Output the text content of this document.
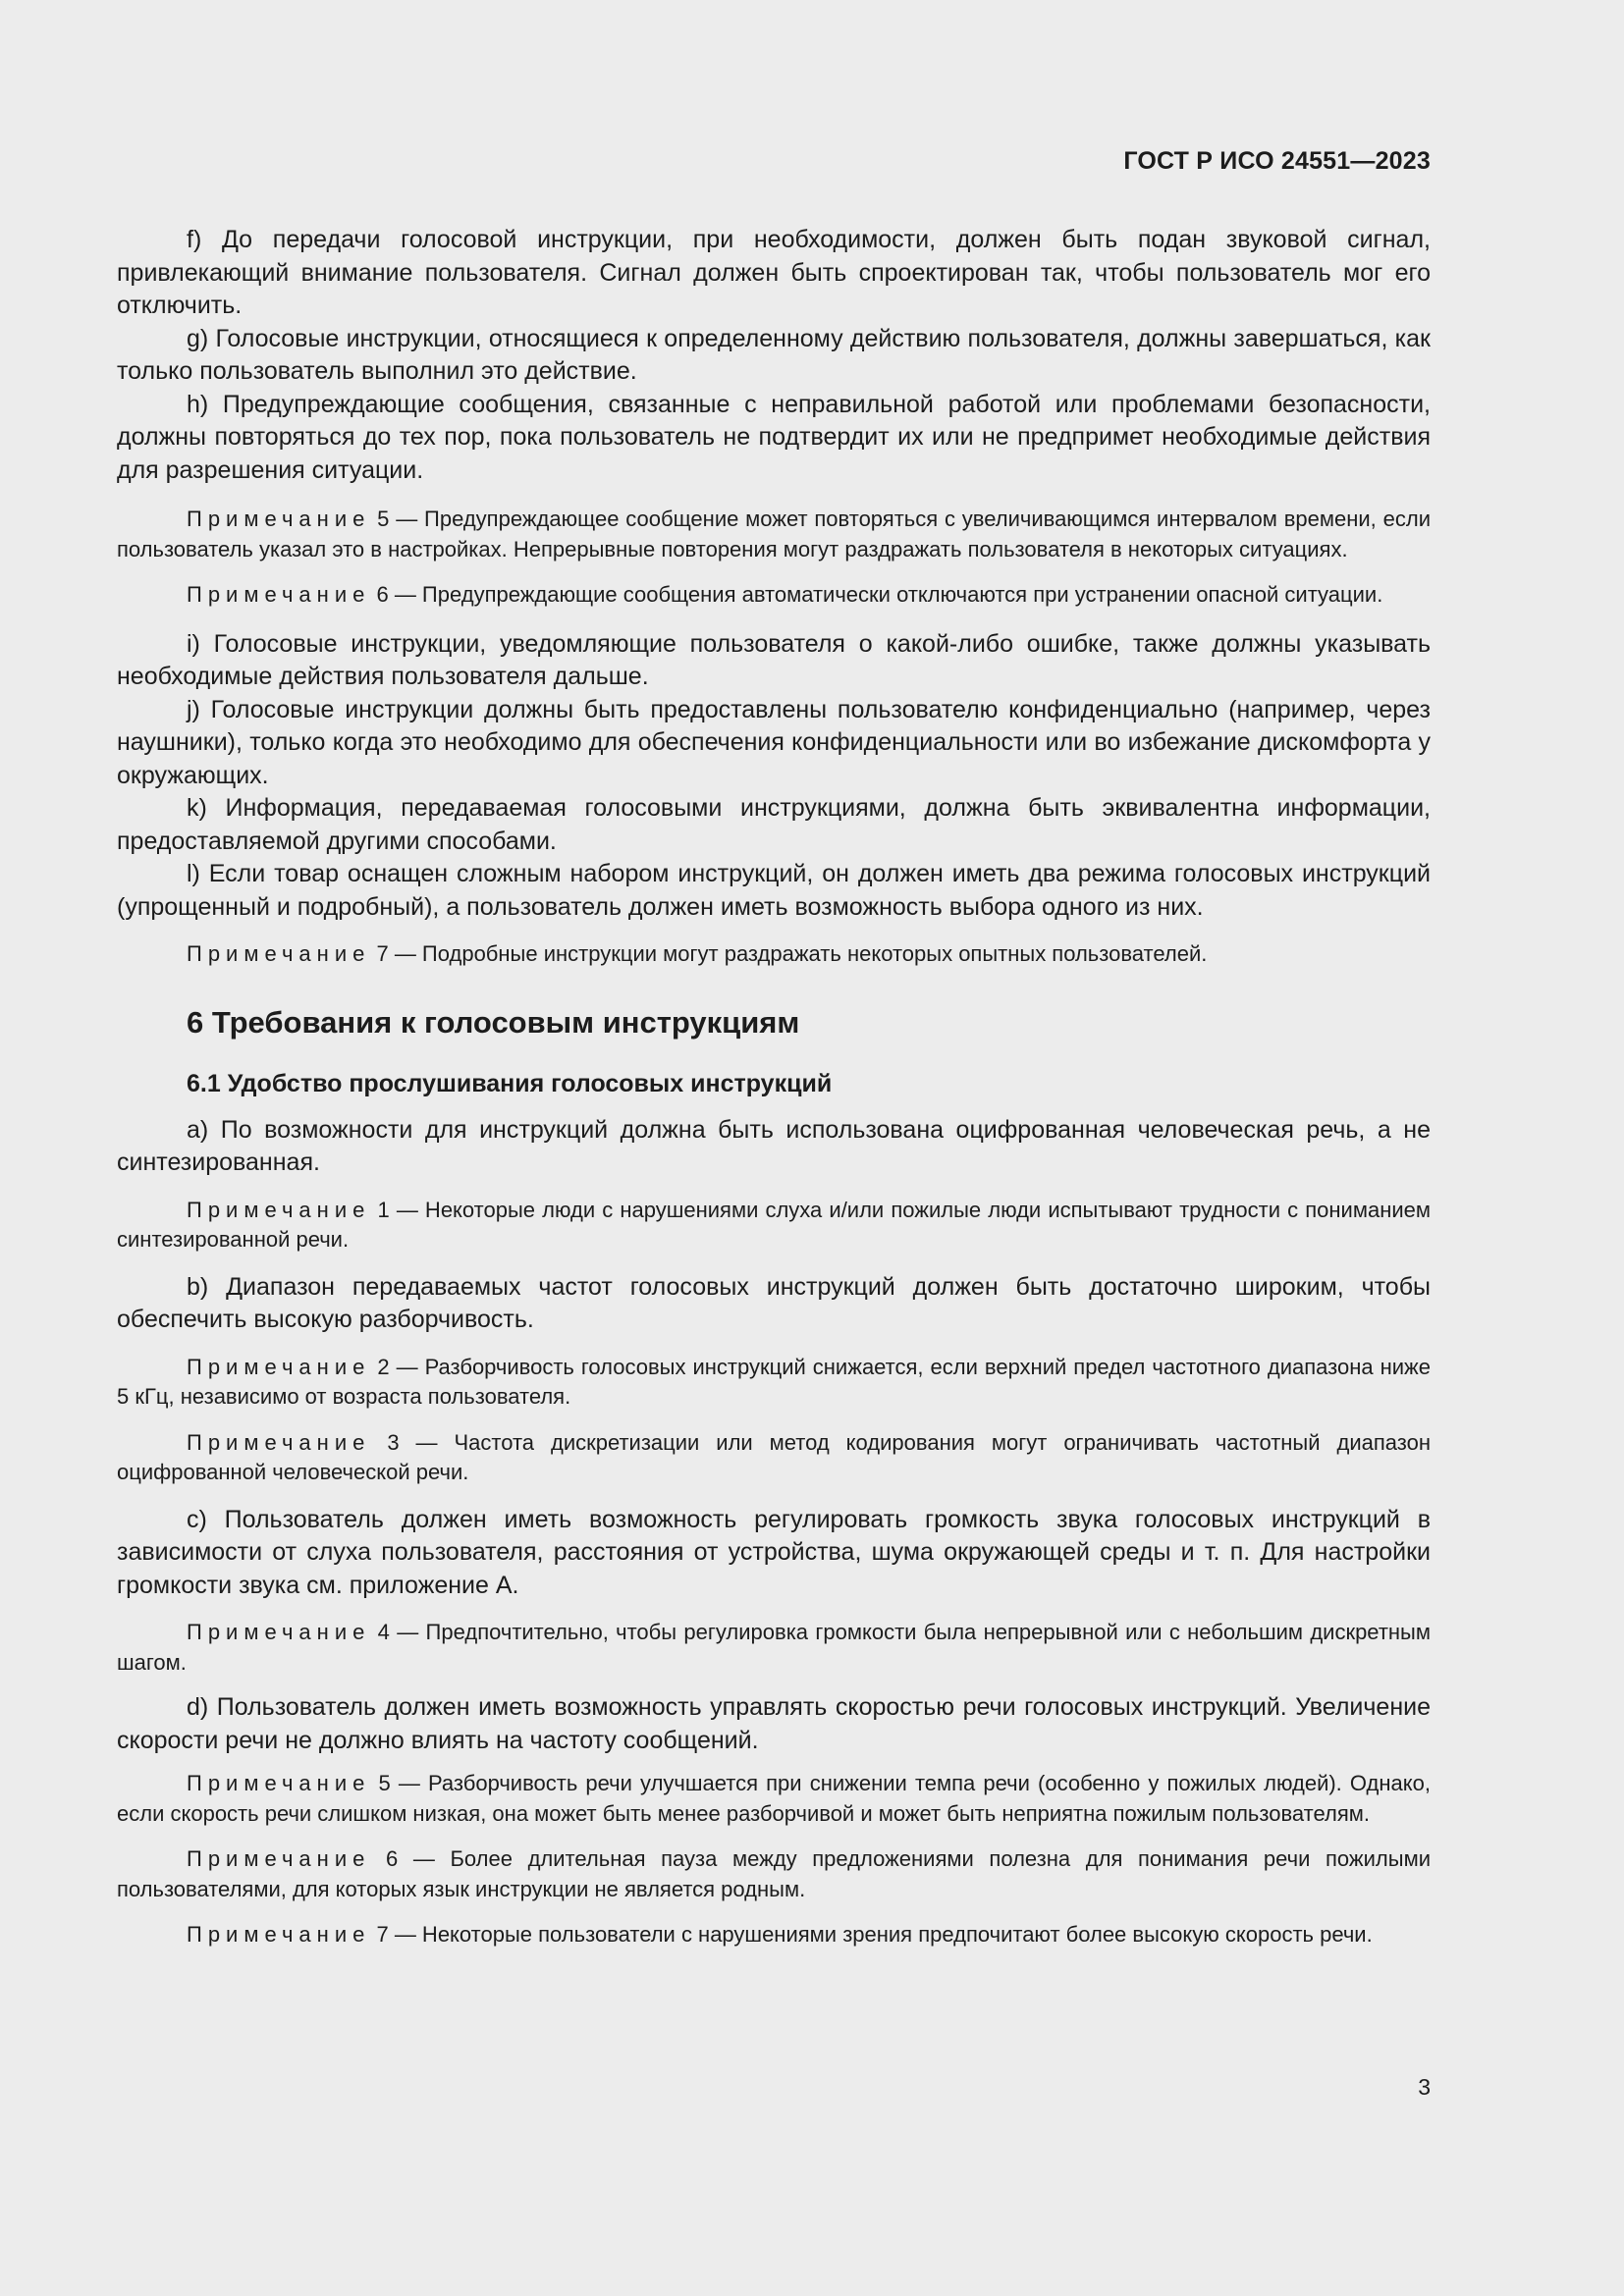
ГОСТ Р ИСО 24551—2023

f) До передачи голосовой инструкции, при необходимости, должен быть подан звуковой сигнал, привлекающий внимание пользователя. Сигнал должен быть спроектирован так, чтобы пользователь мог его отключить.

g) Голосовые инструкции, относящиеся к определенному действию пользователя, должны завершаться, как только пользователь выполнил это действие.

h) Предупреждающие сообщения, связанные с неправильной работой или проблемами безопасности, должны повторяться до тех пор, пока пользователь не подтвердит их или не предпримет необходимые действия для разрешения ситуации.

Примечание 5 — Предупреждающее сообщение может повторяться с увеличивающимся интервалом времени, если пользователь указал это в настройках. Непрерывные повторения могут раздражать пользователя в некоторых ситуациях.

Примечание 6 — Предупреждающие сообщения автоматически отключаются при устранении опасной ситуации.

i) Голосовые инструкции, уведомляющие пользователя о какой-либо ошибке, также должны указывать необходимые действия пользователя дальше.

j) Голосовые инструкции должны быть предоставлены пользователю конфиденциально (например, через наушники), только когда это необходимо для обеспечения конфиденциальности или во избежание дискомфорта у окружающих.

k) Информация, передаваемая голосовыми инструкциями, должна быть эквивалентна информации, предоставляемой другими способами.

l) Если товар оснащен сложным набором инструкций, он должен иметь два режима голосовых инструкций (упрощенный и подробный), а пользователь должен иметь возможность выбора одного из них.

Примечание 7 — Подробные инструкции могут раздражать некоторых опытных пользователей.

6 Требования к голосовым инструкциям
6.1 Удобство прослушивания голосовых инструкций

a) По возможности для инструкций должна быть использована оцифрованная человеческая речь, а не синтезированная.

Примечание 1 — Некоторые люди с нарушениями слуха и/или пожилые люди испытывают трудности с пониманием синтезированной речи.

b) Диапазон передаваемых частот голосовых инструкций должен быть достаточно широким, чтобы обеспечить высокую разборчивость.

Примечание 2 — Разборчивость голосовых инструкций снижается, если верхний предел частотного диапазона ниже 5 кГц, независимо от возраста пользователя.

Примечание 3 — Частота дискретизации или метод кодирования могут ограничивать частотный диапазон оцифрованной человеческой речи.

c) Пользователь должен иметь возможность регулировать громкость звука голосовых инструкций в зависимости от слуха пользователя, расстояния от устройства, шума окружающей среды и т. п. Для настройки громкости звука см. приложение А.

Примечание 4 — Предпочтительно, чтобы регулировка громкости была непрерывной или с небольшим дискретным шагом.

d) Пользователь должен иметь возможность управлять скоростью речи голосовых инструкций. Увеличение скорости речи не должно влиять на частоту сообщений.

Примечание 5 — Разборчивость речи улучшается при снижении темпа речи (особенно у пожилых людей). Однако, если скорость речи слишком низкая, она может быть менее разборчивой и может быть неприятна пожилым пользователям.

Примечание 6 — Более длительная пауза между предложениями полезна для понимания речи пожилыми пользователями, для которых язык инструкции не является родным.

Примечание 7 — Некоторые пользователи с нарушениями зрения предпочитают более высокую скорость речи.

3
